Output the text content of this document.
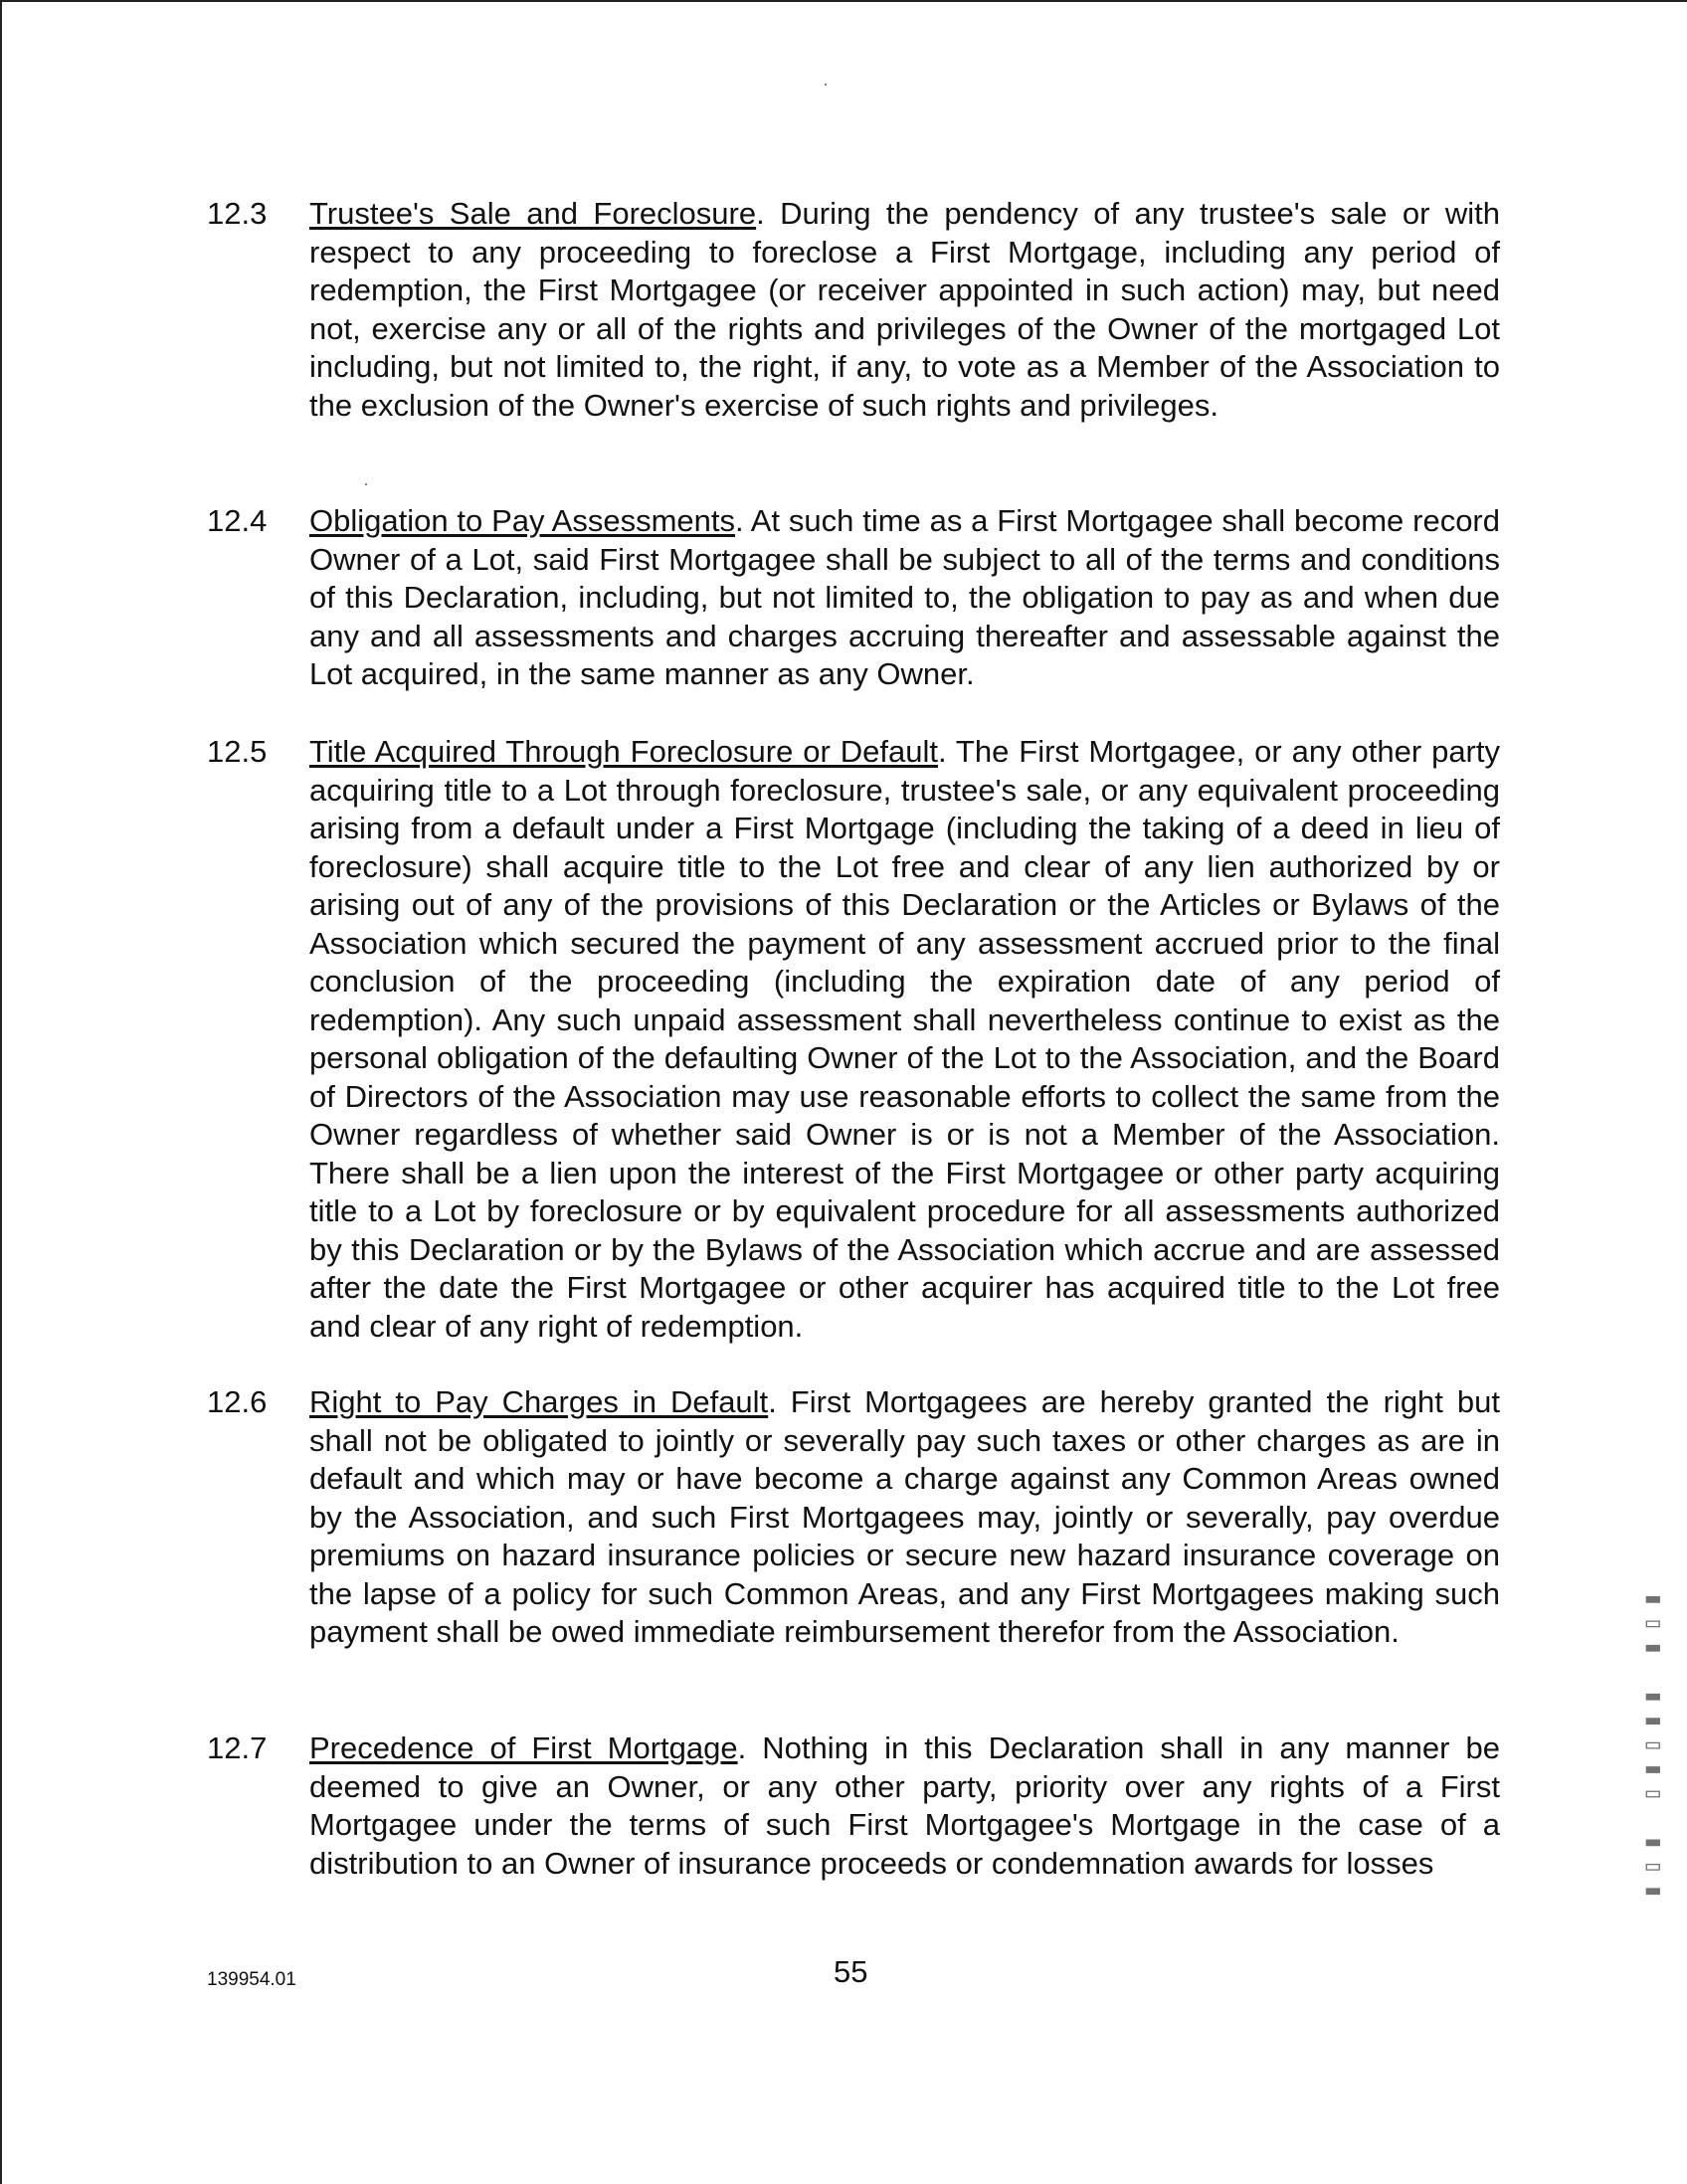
12.3 Trustee's Sale and Foreclosure. During the pendency of any trustee's sale or with respect to any proceeding to foreclose a First Mortgage, including any period of redemption, the First Mortgagee (or receiver appointed in such action) may, but need not, exercise any or all of the rights and privileges of the Owner of the mortgaged Lot including, but not limited to, the right, if any, to vote as a Member of the Association to the exclusion of the Owner's exercise of such rights and privileges.
12.4 Obligation to Pay Assessments. At such time as a First Mortgagee shall become record Owner of a Lot, said First Mortgagee shall be subject to all of the terms and conditions of this Declaration, including, but not limited to, the obligation to pay as and when due any and all assessments and charges accruing thereafter and assessable against the Lot acquired, in the same manner as any Owner.
12.5 Title Acquired Through Foreclosure or Default. The First Mortgagee, or any other party acquiring title to a Lot through foreclosure, trustee's sale, or any equivalent proceeding arising from a default under a First Mortgage (including the taking of a deed in lieu of foreclosure) shall acquire title to the Lot free and clear of any lien authorized by or arising out of any of the provisions of this Declaration or the Articles or Bylaws of the Association which secured the payment of any assessment accrued prior to the final conclusion of the proceeding (including the expiration date of any period of redemption). Any such unpaid assessment shall nevertheless continue to exist as the personal obligation of the defaulting Owner of the Lot to the Association, and the Board of Directors of the Association may use reasonable efforts to collect the same from the Owner regardless of whether said Owner is or is not a Member of the Association. There shall be a lien upon the interest of the First Mortgagee or other party acquiring title to a Lot by foreclosure or by equivalent procedure for all assessments authorized by this Declaration or by the Bylaws of the Association which accrue and are assessed after the date the First Mortgagee or other acquirer has acquired title to the Lot free and clear of any right of redemption.
12.6 Right to Pay Charges in Default. First Mortgagees are hereby granted the right but shall not be obligated to jointly or severally pay such taxes or other charges as are in default and which may or have become a charge against any Common Areas owned by the Association, and such First Mortgagees may, jointly or severally, pay overdue premiums on hazard insurance policies or secure new hazard insurance coverage on the lapse of a policy for such Common Areas, and any First Mortgagees making such payment shall be owed immediate reimbursement therefor from the Association.
12.7 Precedence of First Mortgage. Nothing in this Declaration shall in any manner be deemed to give an Owner, or any other party, priority over any rights of a First Mortgagee under the terms of such First Mortgagee's Mortgage in the case of a distribution to an Owner of insurance proceeds or condemnation awards for losses
139954.01	55
▮▯▮ ▯▮▯▮▮ ▮▯▮
